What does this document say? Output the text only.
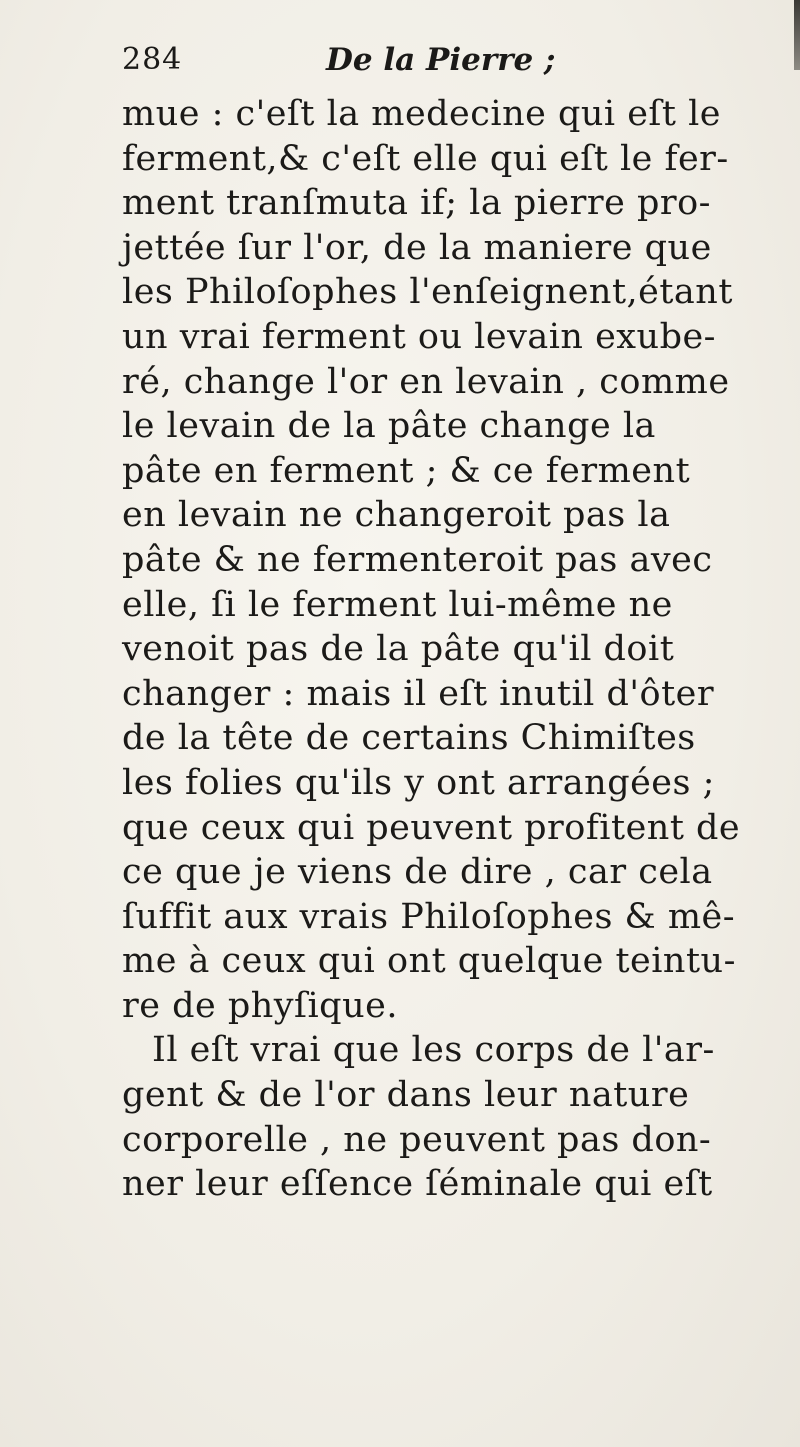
284	De la Pierre ;
mue : c'eſt la medecine qui eſt le
ferment,& c'eſt elle qui eſt le fer-
ment tranſmuta if; la pierre pro-
jettée ſur l'or, de la maniere que
les Philoſophes l'enſeignent,étant
un vrai ferment ou levain exube-
ré, change l'or en levain , comme
le levain de la pâte change la
pâte en ferment ; & ce ferment
en levain ne changeroit pas la
pâte & ne fermenteroit pas avec
elle, ſi le ferment lui-même ne
venoit pas de la pâte qu'il doit
changer : mais il eſt inutil d'ôter
de la tête de certains Chimiſtes
les folies qu'ils y ont arrangées ;
que ceux qui peuvent profitent de
ce que je viens de dire , car cela
ſuffit aux vrais Philoſophes & mê-
me à ceux qui ont quelque teintu-
re de phyſique.
Il eſt vrai que les corps de l'ar-
gent & de l'or dans leur nature
corporelle , ne peuvent pas don-
ner leur eſſence ſéminale qui eſt
